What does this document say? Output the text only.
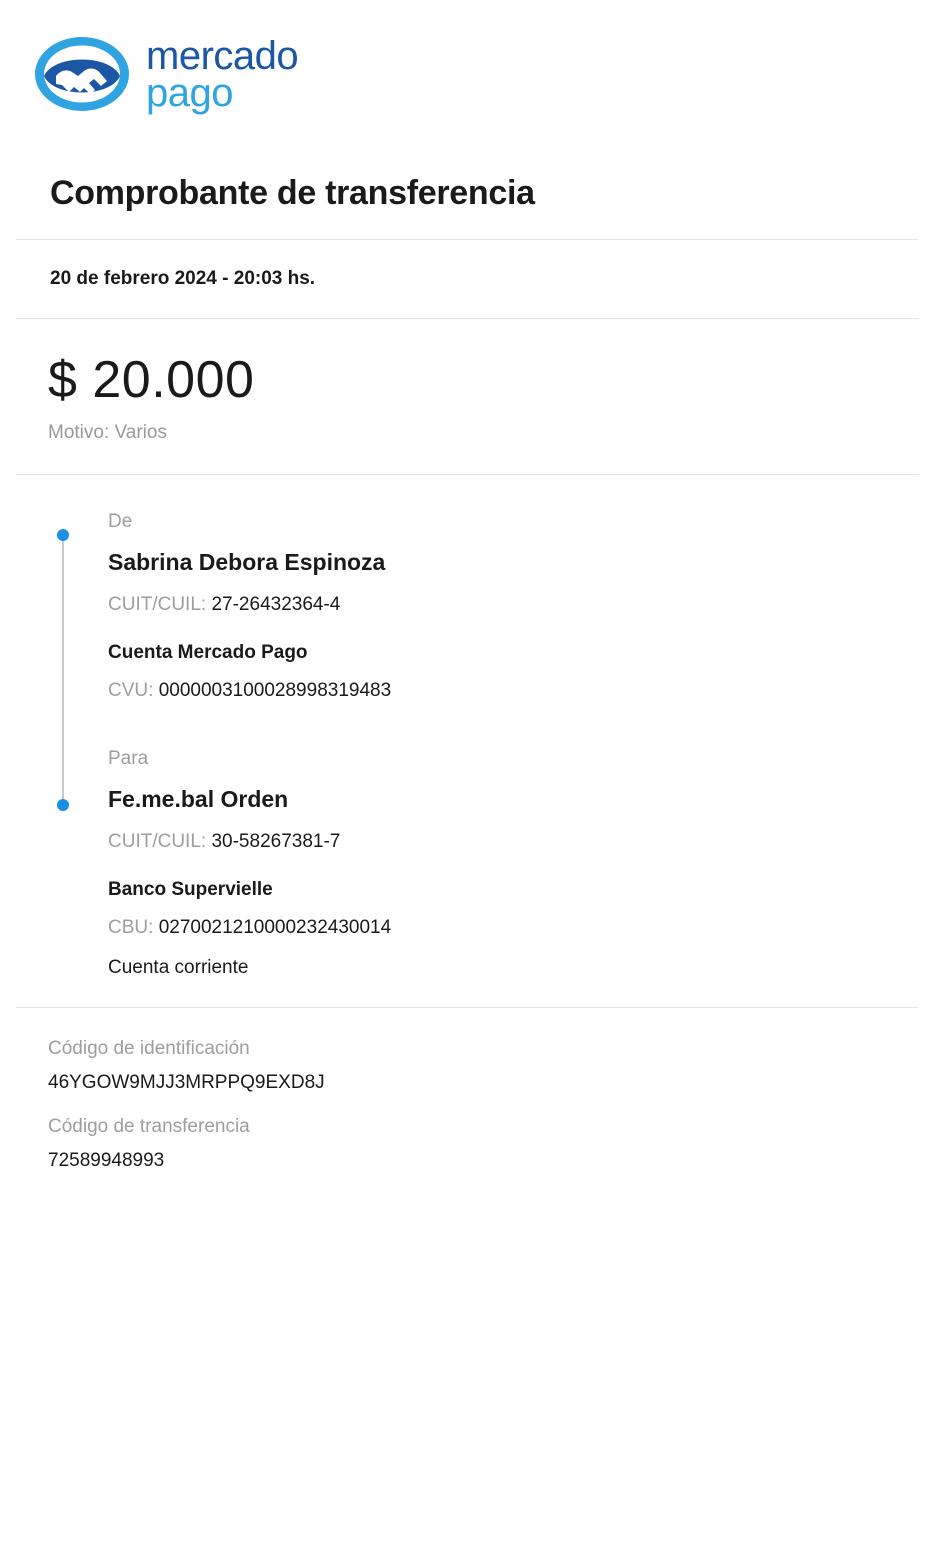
mercado
pago
Comprobante de transferencia
20 de febrero 2024 - 20:03 hs.
$ 20.000
Motivo: Varios
De
Sabrina Debora Espinoza
CUIT/CUIL: 27-26432364-4
Cuenta Mercado Pago
CVU: 0000003100028998319483
Para
Fe.me.bal Orden
CUIT/CUIL: 30-58267381-7
Banco Supervielle
CBU: 0270021210000232430014
Cuenta corriente
Código de identificación
46YGOW9MJJ3MRPPQ9EXD8J
Código de transferencia
72589948993
